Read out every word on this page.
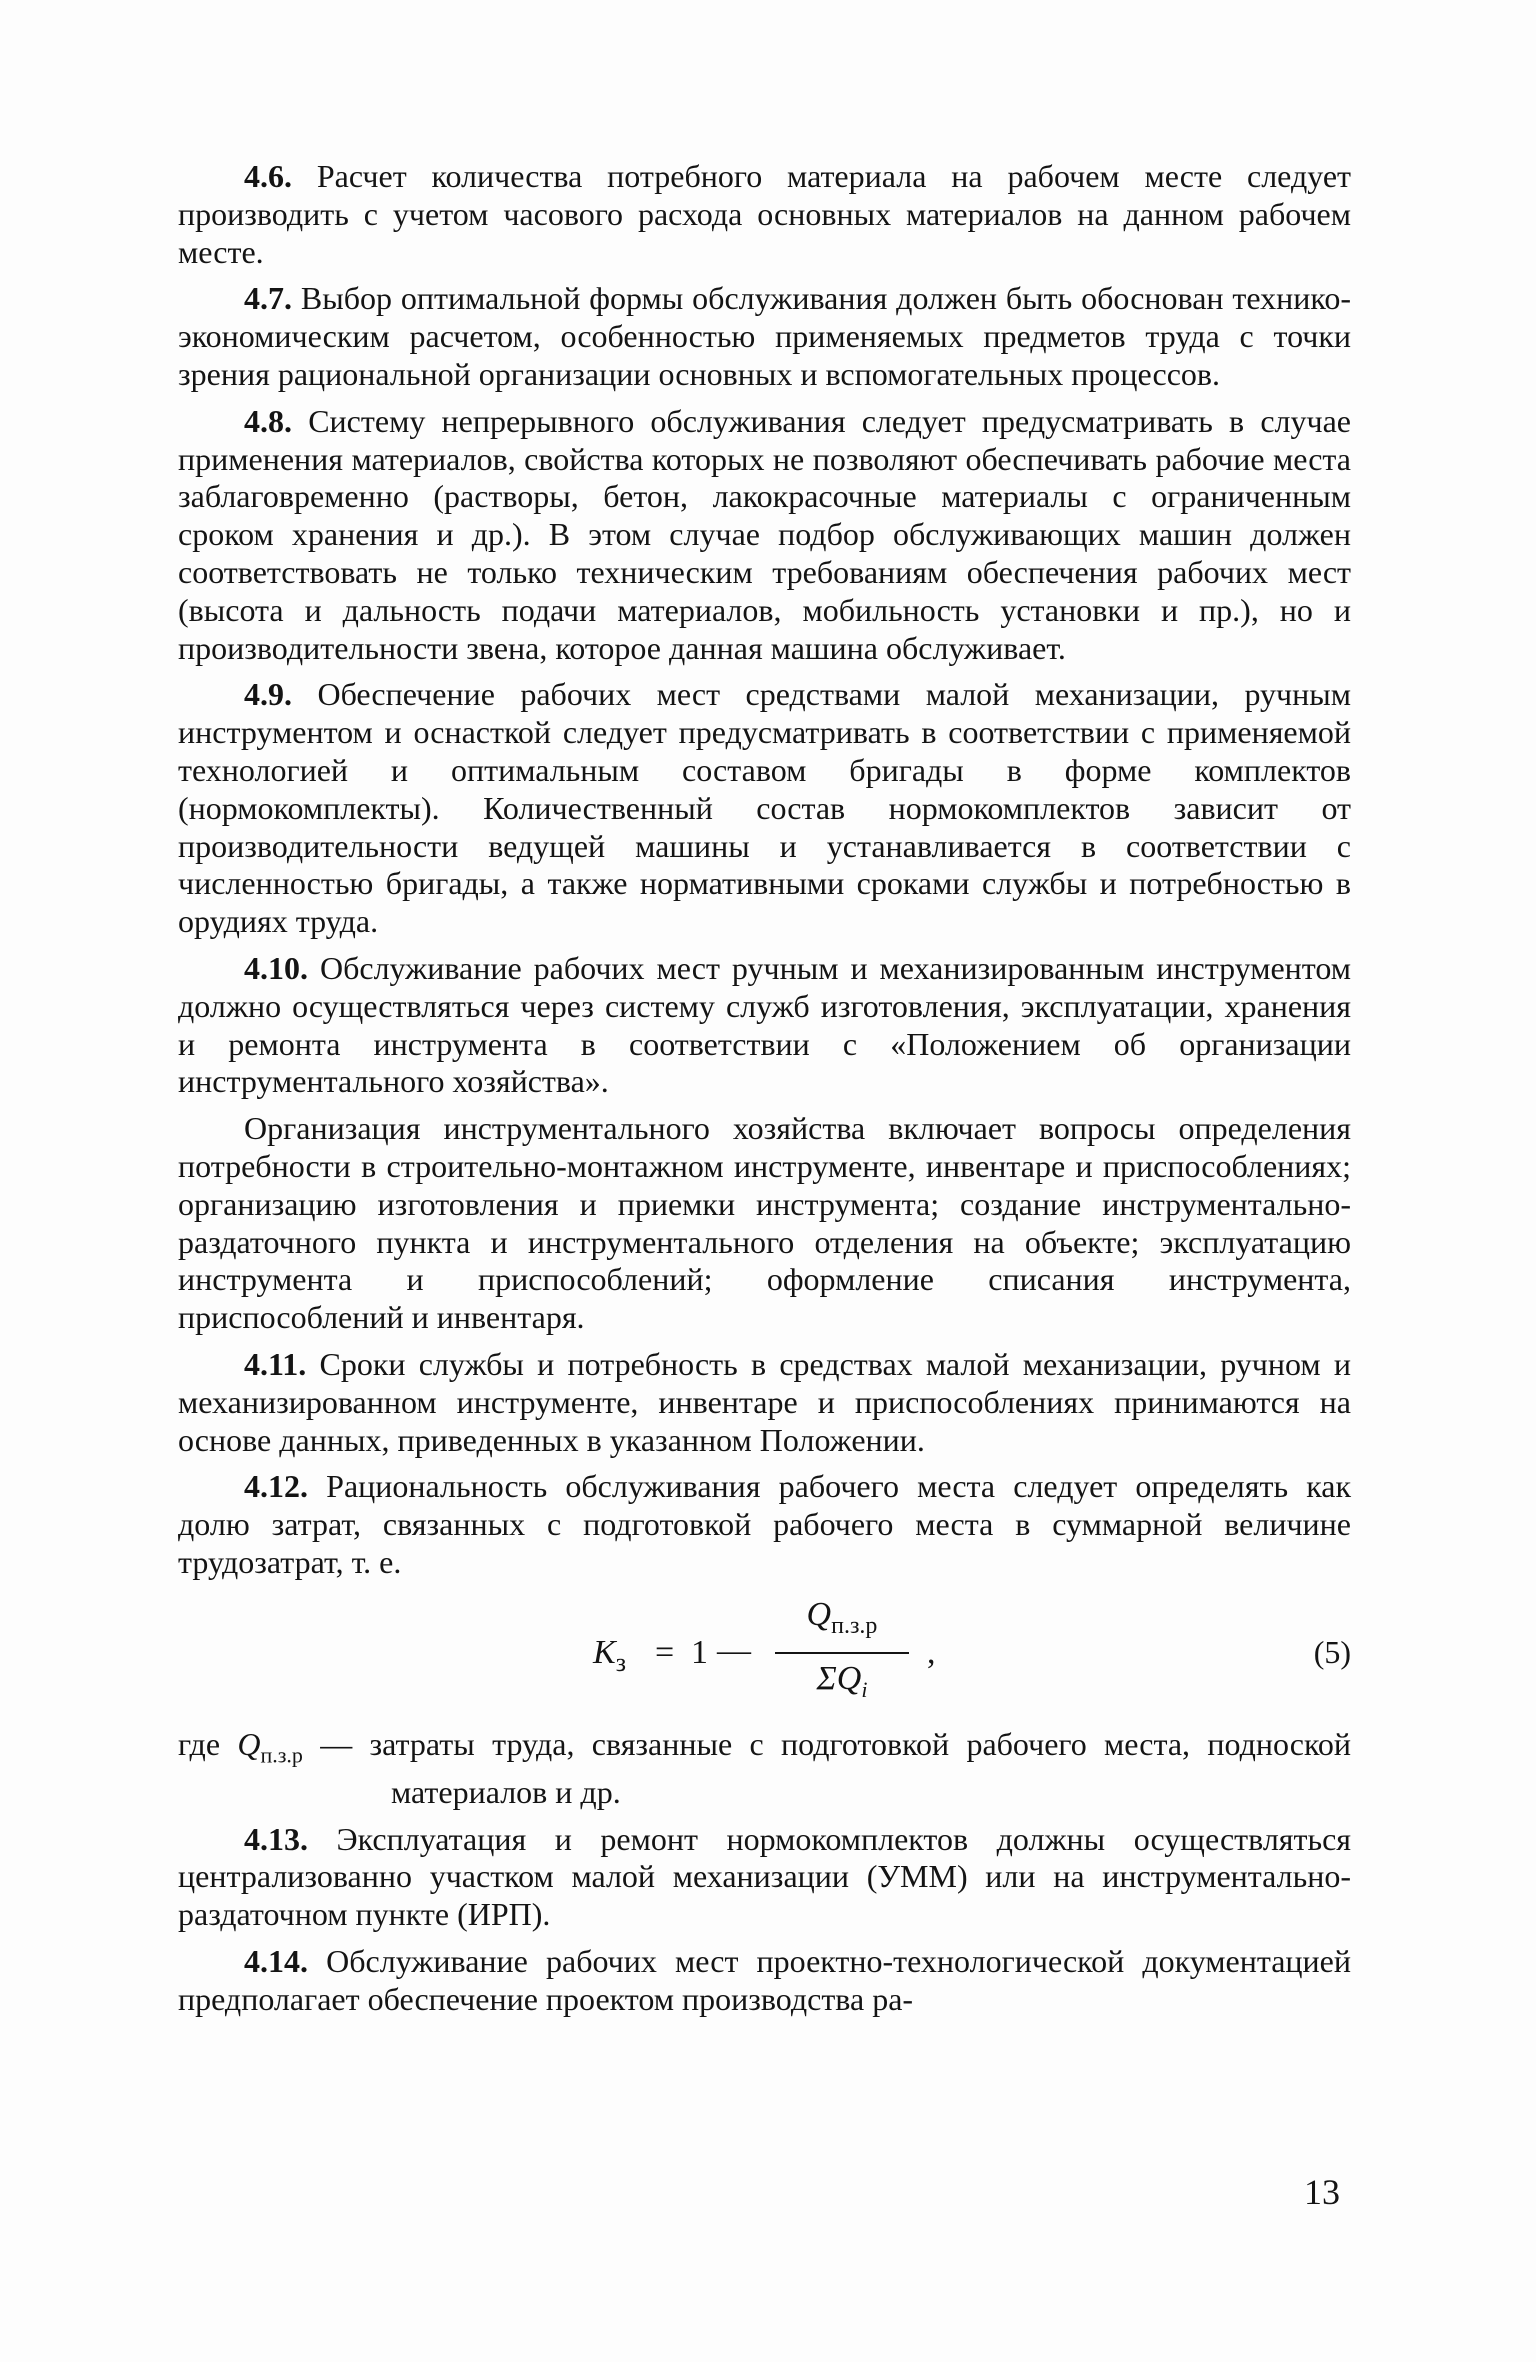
4.6. Расчет количества потребного материала на рабочем месте следует производить с учетом часового расхода основных материалов на данном рабочем месте.

4.7. Выбор оптимальной формы обслуживания должен быть обоснован технико-экономическим расчетом, особенностью применяемых предметов труда с точки зрения рациональной организации основных и вспомогательных процессов.

4.8. Систему непрерывного обслуживания следует предусматривать в случае применения материалов, свойства которых не позволяют обеспечивать рабочие места заблаговременно (растворы, бетон, лакокрасочные материалы с ограниченным сроком хранения и др.). В этом случае подбор обслуживающих машин должен соответствовать не только техническим требованиям обеспечения рабочих мест (высота и дальность подачи материалов, мобильность установки и пр.), но и производительности звена, которое данная машина обслуживает.

4.9. Обеспечение рабочих мест средствами малой механизации, ручным инструментом и оснасткой следует предусматривать в соответствии с применяемой технологией и оптимальным составом бригады в форме комплектов (нормокомплекты). Количественный состав нормокомплектов зависит от производительности ведущей машины и устанавливается в соответствии с численностью бригады, а также нормативными сроками службы и потребностью в орудиях труда.

4.10. Обслуживание рабочих мест ручным и механизированным инструментом должно осуществляться через систему служб изготовления, эксплуатации, хранения и ремонта инструмента в соответствии с «Положением об организации инструментального хозяйства».

Организация инструментального хозяйства включает вопросы определения потребности в строительно-монтажном инструменте, инвентаре и приспособлениях; организацию изготовления и приемки инструмента; создание инструментально-раздаточного пункта и инструментального отделения на объекте; эксплуатацию инструмента и приспособлений; оформление списания инструмента, приспособлений и инвентаря.

4.11. Сроки службы и потребность в средствах малой механизации, ручном и механизированном инструменте, инвентаре и приспособлениях принимаются на основе данных, приведенных в указанном Положении.

4.12. Рациональность обслуживания рабочего места следует определять как долю затрат, связанных с подготовкой рабочего места в суммарной величине трудозатрат, т. е.

$K_з = 1$ —
$Q_{п.з.р}$
$\Sigma Q_i$
,	(5)

где $Q_{п.з.р}$ — затраты труда, связанные с подготовкой рабочего места, подноской материалов и др.

4.13. Эксплуатация и ремонт нормокомплектов должны осуществляться централизованно участком малой механизации (УММ) или на инструментально-раздаточном пункте (ИРП).

4.14. Обслуживание рабочих мест проектно-технологической документацией предполагает обеспечение проектом производства ра-

13
